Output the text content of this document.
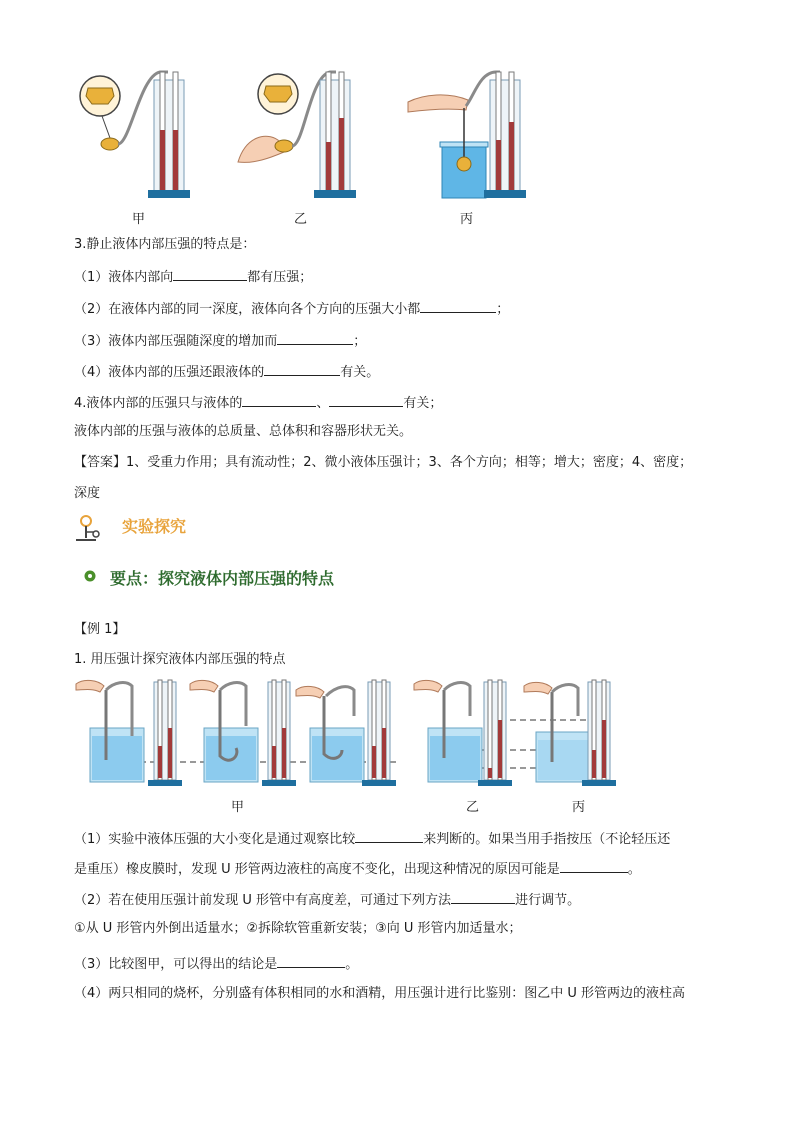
甲	乙	丙
3.静止液体内部压强的特点是：
（1）液体内部向	都有压强；
（2）在液体内部的同一深度，液体向各个方向的压强大小都	；
（3）液体内部压强随深度的增加而	；
（4）液体内部的压强还跟液体的	有关。
4.液体内部的压强只与液体的	、	有关；
液体内部的压强与液体的总质量、总体积和容器形状无关。
【答案】1、受重力作用；具有流动性；2、微小液体压强计；3、各个方向；相等；增大；密度；4、密度；
深度
实验探究
要点：探究液体内部压强的特点
【例 1】
1. 用压强计探究液体内部压强的特点
甲	乙	丙
（1）实验中液体压强的大小变化是通过观察比较	来判断的。如果当用手指按压（不论轻压还
是重压）橡皮膜时，发现 U 形管两边液柱的高度不变化，出现这种情况的原因可能是	。
（2）若在使用压强计前发现 U 形管中有高度差，可通过下列方法	进行调节。
①从 U 形管内外倒出适量水；②拆除软管重新安装；③向 U 形管内加适量水；
（3）比较图甲，可以得出的结论是	。
（4）两只相同的烧杯，分别盛有体积相同的水和酒精，用压强计进行比鉴别：图乙中 U 形管两边的液柱高
